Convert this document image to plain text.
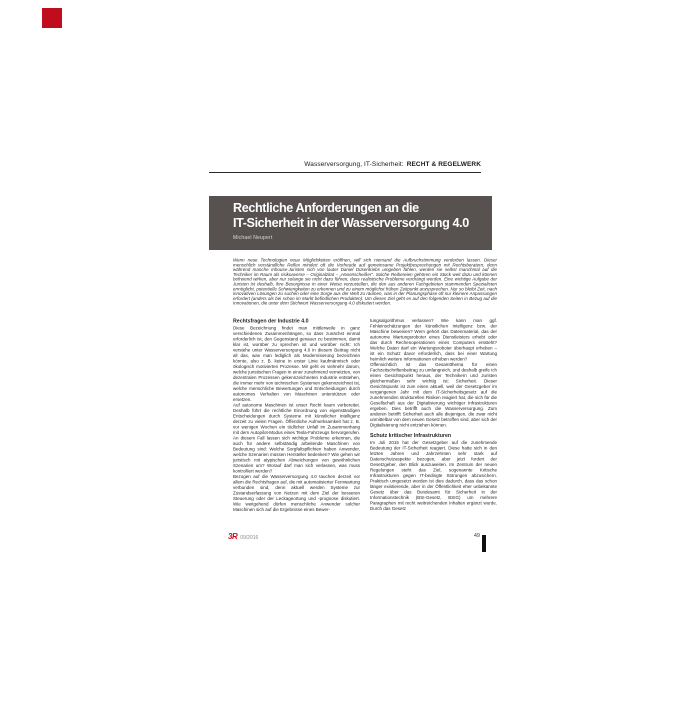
Wasserversorgung, IT-Sicherheit: RECHT & REGELWERK
Rechtliche Anforderungen an die
IT-Sicherheit in der Wasserversorgung 4.0
Michael Neupert
Wenn neue Technologien neue Möglichkeiten eröffnen, will sich niemand die Aufbruchstimmung verderben lassen. Dieser menschlich verständliche Reflex mindert oft die Vorfreude auf gemeinsame Projektbesprechungen mit Rechtsberatern, denn während manche Inhouse-Juristen sich von lauter Daniel Düsentriebs umgeben fühlen, werden sie selbst manchmal auf die Techniker im Raum als risikoaverse – Originalzitat – „Hosenscheißer“. Solche Reibereien gehören ein Stück weit dazu und können befreiend wirken, aber nur solange sie nicht dazu führen, dass realistische Probleme verdrängt werden. Eine wichtige Aufgabe der Juristen ist deshalb, ihre Besorgnisse in einer Weise vorzustellen, die den aus anderen Fachgebieten stammenden Spezialisten ermöglicht, potentielle Schwierigkeiten zu erkennen und zu einem möglichst frühen Zeitpunkt anzusprechen. Nur so bleibt Zeit, nach innovativen Lösungen zu suchen oder eine Sorge aus der Welt zu räumen, was in der Planungsphase oft nur kleinere Anpassungen erfordert (anders als bei schon im Markt befindlichen Produkten). Um dieses Ziel geht es auf den folgenden Seiten in Bezug auf die Innovationen, die unter dem Stichwort Wasserversorgung 4.0 diskutiert werden.
Rechtsfragen der Industrie 4.0

Diese Bezeichnung findet man mittlerweile in ganz verschiedenen Zusammenhängen, so dass zunächst einmal erforderlich ist, den Gegenstand genauer zu bestimmen, damit klar ist, worüber zu sprechen ist und worüber nicht: Ich verstehe unter Wasserversorgung 4.0 in diesem Beitrag nicht all das, was man lediglich als Modernisierung bezeichnen könnte, also z. B. keine in erster Linie kaufmännisch oder ökologisch motivierten Prozesse. Mir geht es vielmehr darum, welche juristischen Fragen in einer zunehmend vernetzten, von dezentralen Prozessen gekennzeichneten Industrie entstehen, die immer mehr von technischen Systemen gekennzeichnet ist, welche menschliche Bewertungen und Entscheidungen durch autonomes Verhalten von Maschinen unterstützen oder ersetzen.

Auf autonome Maschinen ist unser Recht kaum vorbereitet. Deshalb führt die rechtliche Einordnung von eigenständigen Entscheidungen durch Systeme mit künstlicher Intelligenz derzeit zu vielen Fragen. Öffentliche Aufmerksamkeit hat z. B. vor wenigen Wochen ein tödlicher Unfall im Zusammenhang mit dem Autopilot-Modus eines Tesla-Fahrzeugs hervorgerufen. An diesem Fall lassen sich wichtige Probleme erkennen, die auch für andere selbständig arbeitende Maschinen von Bedeutung sind: Welche Sorgfaltspflichten haben Anwender, welche Szenarien müssen Hersteller bedenken? Wie gehen wir juristisch mit atypischen Abweichungen von gewöhnlichen Szenarien um? Worauf darf man sich verlassen, was muss kontrolliert werden?

Bezogen auf die Wasserversorgung 4.0 tauchen derzeit vor allem die Rechtsfragen auf, die mit automatisierter Fernwartung verbunden sind, denn aktuell werden Systeme zur Zustandserfassung von Netzen mit dem Ziel der besseren Steuerung oder der Leckageortung und -prognose diskutiert. Wie weitgehend dürfen menschliche Anwender solcher Maschinen sich auf die Ergebnisse eines Bewer-

tungsalgorithmus verlassen? Wie kann man ggf. Fehleinschätzungen der künstlichen Intelligenz bzw. der Maschine beweisen? Wem gehört das Datenmaterial, das der autonome Wartungsroboter eines Dienstleisters erhebt oder das durch Rechenoperationen eines Computers entsteht? Welche Daten darf ein Wartungsroboter überhaupt erheben – ist ein Schutz davor erforderlich, dass bei einer Wartung heimlich weitere Informationen erhoben werden?

Offensichtlich ist das Gesamtthema für einen Fachzeitschriftenbeitrag zu umfangreich, und deshalb greife ich einen Gesichtspunkt heraus, der Technikern und Juristen gleichermaßen sehr wichtig ist: Sicherheit. Dieser Gesichtspunkt ist zum einen aktuell, weil der Gesetzgeber im vergangenen Jahr mit dem IT-Sicherheitsgesetz auf die zunehmenden strukturellen Risiken reagiert hat, die sich für die Gesellschaft aus der Digitalisierung wichtiger Infrastrukturen ergeben. Dies betrifft auch die Wasserversorgung. Zum anderen betrifft Sicherheit auch alle diejenigen, die zwar nicht unmittelbar von dem neuen Gesetz betroffen sind, aber sich der Digitalisierung nicht entziehen können.

Schutz kritischer Infrastrukturen

Im Juli 2015 hat der Gesetzgeber auf die zunehmende Bedeutung der IT-Sicherheit reagiert. Diese hatte sich in den letzten Jahren und Jahrzehnten sehr stark auf Datenschutzaspekte bezogen, aber jetzt fordert der Gesetzgeber, den Blick auszuweiten. Im Zentrum der neuen Regelungen steht das Ziel, sogenannte Kritische Infrastrukturen gegen IT-bedingte Störungen abzusichern. Praktisch umgesetzt worden ist dies dadurch, dass das schon länger existierende, aber in der Öffentlichkeit eher unbekannte Gesetz über das Bundesamt für Sicherheit in der Informationstechnik (BSI-Gesetz, BSIG) um mehrere Paragraphen mit recht weitreichenden Inhalten ergänzt wurde. Durch das Gesetz

3R 09/2016	49
